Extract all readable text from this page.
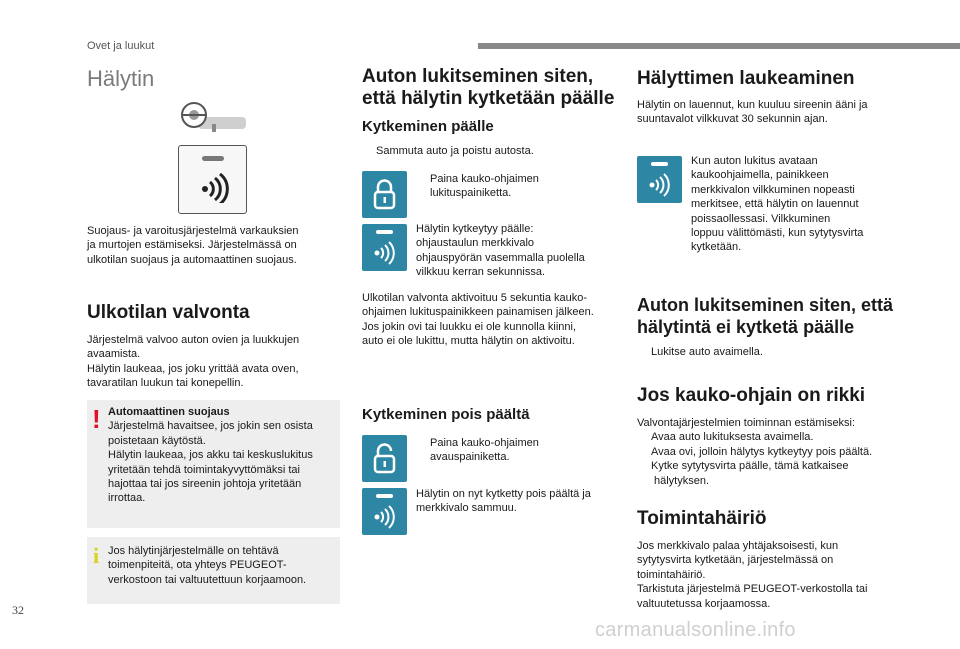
Ovet ja luukut
Hälytin
Suojaus- ja varoitusjärjestelmä varkauksien
ja murtojen estämiseksi. Järjestelmässä on
ulkotilan suojaus ja automaattinen suojaus.
Ulkotilan valvonta
Järjestelmä valvoo auton ovien ja luukkujen
avaamista.
Hälytin laukeaa, jos joku yrittää avata oven,
tavaratilan luukun tai konepellin.
! Automaattinen suojaus
Järjestelmä havaitsee, jos jokin sen osista
poistetaan käytöstä.
Hälytin laukeaa, jos akku tai keskuslukitus
yritetään tehdä toimintakyvyttömäksi tai
hajottaa tai jos sireenin johtoja yritetään
irrottaa.
i Jos hälytinjärjestelmälle on tehtävä
toimenpiteitä, ota yhteys PEUGEOT-
verkostoon tai valtuutettuun korjaamoon.
Auton lukitseminen siten,
että hälytin kytketään päälle
Kytkeminen päälle
Sammuta auto ja poistu autosta.
Paina kauko-ohjaimen
lukituspainiketta.
Hälytin kytkeytyy päälle:
ohjaustaulun merkkivalo
ohjauspyörän vasemmalla puolella
vilkkuu kerran sekunnissa.
Ulkotilan valvonta aktivoituu 5 sekuntia kauko-
ohjaimen lukituspainikkeen painamisen jälkeen.
Jos jokin ovi tai luukku ei ole kunnolla kiinni,
auto ei ole lukittu, mutta hälytin on aktivoitu.
Kytkeminen pois päältä
Paina kauko-ohjaimen
avauspainiketta.
Hälytin on nyt kytketty pois päältä ja
merkkivalo sammuu.
Hälyttimen laukeaminen
Hälytin on lauennut, kun kuuluu sireenin ääni ja
suuntavalot vilkkuvat 30 sekunnin ajan.
Kun auton lukitus avataan
kaukoohjaimella, painikkeen
merkkivalon vilkkuminen nopeasti
merkitsee, että hälytin on lauennut
poissaollessasi. Vilkkuminen
loppuu välittömästi, kun sytytysvirta
kytketään.
Auton lukitseminen siten, että
hälytintä ei kytketä päälle
Lukitse auto avaimella.
Jos kauko-ohjain on rikki
Valvontajärjestelmien toiminnan estämiseksi:
Avaa auto lukituksesta avaimella.
Avaa ovi, jolloin hälytys kytkeytyy pois päältä.
Kytke sytytysvirta päälle, tämä katkaisee
hälytyksen.
Toimintahäiriö
Jos merkkivalo palaa yhtäjaksoisesti, kun
sytytysvirta kytketään, järjestelmässä on
toimintahäiriö.
Tarkistuta järjestelmä PEUGEOT-verkostolla tai
valtuutetussa korjaamossa.
32
carmanualsonline.info
